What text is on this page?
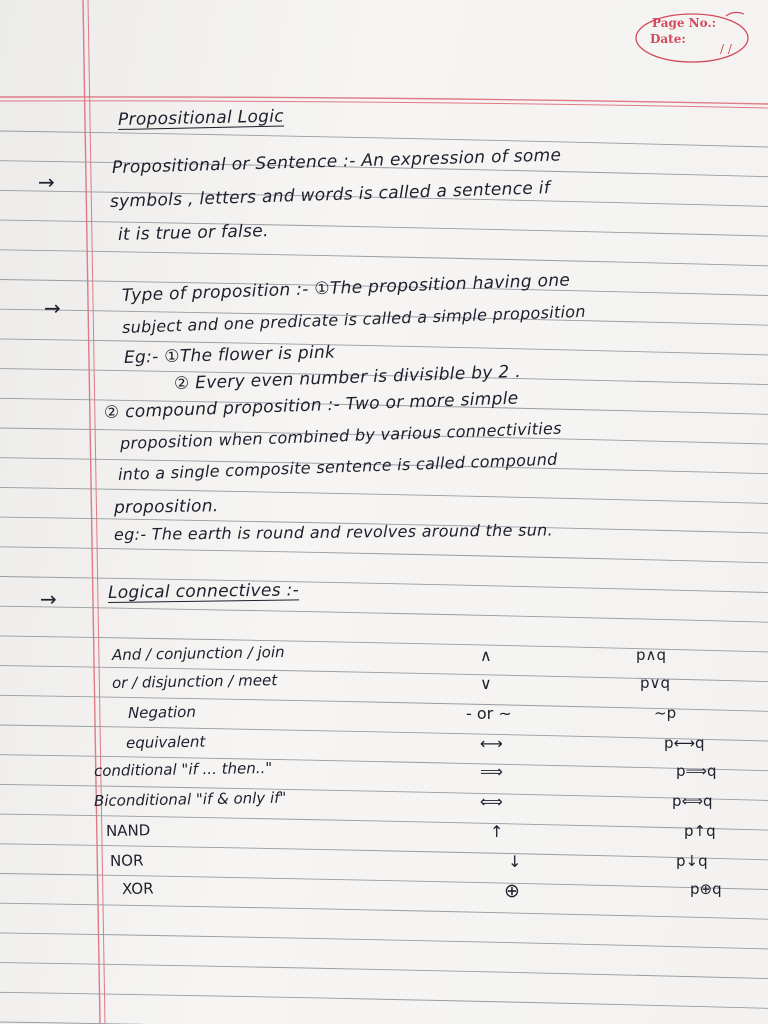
Page No.:
Date:
/ /
Propositional Logic
→
Propositional or Sentence :- An expression of some
symbols , letters and words is called a sentence if
it is true or false.
→
Type of proposition :- ①The proposition having one
subject and one predicate is called a simple proposition
Eg:- ①The flower is pink
② Every even number is divisible by 2 .
② compound proposition :- Two or more simple
proposition when combined by various connectivities
into a single composite sentence is called compound
proposition.
eg:- The earth is round and revolves around the sun.
→	Logical connectives :-
And / conjunction / join	∧	p∧q
or / disjunction / meet	∨	p∨q
Negation	- or ~	~p
equivalent	⟷	p⟷q
conditional "if ... then.."	⟹	p⟹q
Biconditional "if & only if"	⟺	p⟺q
NAND	↑	p↑q
NOR	↓	p↓q
XOR	⊕	p⊕q
